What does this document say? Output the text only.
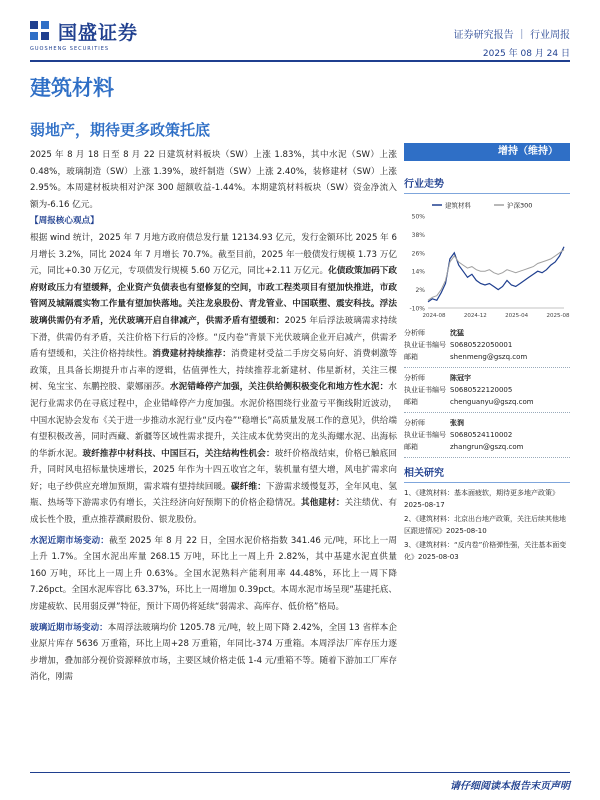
国盛证券
GUOSHENG SECURITIES
证券研究报告 ｜ 行业周报
2025 年 08 月 24 日
建筑材料
弱地产，期待更多政策托底

2025 年 8 月 18 日至 8 月 22 日建筑材料板块（SW）上涨 1.83%，其中水泥（SW）上涨 0.48%，玻璃制造（SW）上涨 1.39%，玻纤制造（SW）上涨 2.40%，装修建材（SW）上涨 2.95%。本周建材板块相对沪深 300 超额收益-1.44%。本期建筑材料板块（SW）资金净流入额为-6.16 亿元。

【周报核心观点】

根据 wind 统计，2025 年 7 月地方政府债总发行量 12134.93 亿元，发行金额环比 2025 年 6 月增长 3.2%，同比 2024 年 7 月增长 70.7%。截至目前，2025 年一般债发行规模 1.73 万亿元，同比+0.30 万亿元，专项债发行规模 5.60 万亿元，同比+2.11 万亿元。化债政策加码下政府财政压力有望缓释，企业资产负债表也有望修复的空间，市政工程类项目有望加快推进，市政管网及城隔震实物工作量有望加快落地。关注龙泉股份、青龙管业、中国联塑、震安科技。浮法玻璃供需仍有矛盾，光伏玻璃开启自律减产，供需矛盾有望缓和：2025 年后浮法玻璃需求持续下滑，供需仍有矛盾，关注价格下行后的冷修。“反内卷”背景下光伏玻璃企业开启减产，供需矛盾有望缓和，关注价格持续性。消费建材持续推荐：消费建材受益二手房交易向好、消费刺激等政策，且具备长期提升市占率的逻辑，估值弹性大，持续推荐北新建材、伟星新材，关注三棵树、兔宝宝、东鹏控股、蒙娜丽莎。水泥错峰停产加强，关注供给侧积极变化和地方性水泥：水泥行业需求仍在寻底过程中，企业错峰停产力度加强。水泥价格围绕行业盈亏平衡线附近波动，中国水泥协会发布《关于进一步推动水泥行业“反内卷”“稳增长”高质量发展工作的意见》，供给端有望积极改善，同时西藏、新疆等区域性需求提升，关注成本优势突出的龙头海螺水泥、出海标的华新水泥。玻纤推荐中材科技、中国巨石，关注结构性机会：玻纤价格战结束，价格已触底回升，同时风电招标量快速增长，2025 年作为十四五收官之年，装机量有望大增，风电扩需求向好；电子纱供应充增加预期，需求端有望持续回暖。碳纤维：下游需求缓慢复苏，全年风电、氢瓶、热场等下游需求仍有增长，关注经济向好预期下的价格企稳情况。其他建材：关注绩优、有成长性个股，重点推荐濮耐股份、银龙股份。

水泥近期市场变动：截至 2025 年 8 月 22 日，全国水泥价格指数 341.46 元/吨，环比上一周上升 1.7%。全国水泥出库量 268.15 万吨，环比上一周上升 2.82%，其中基建水泥直供量 160 万吨，环比上一周上升 0.63%。全国水泥熟料产能利用率 44.48%，环比上一周下降 7.26pct。全国水泥库容比 63.37%，环比上一周增加 0.39pct。本周水泥市场呈现“基建托底、房建疲软、民用弱反弹”特征，预计下周仍将延续“弱需求、高库存、低价格”格局。

玻璃近期市场变动：本周浮法玻璃均价 1205.78 元/吨，较上周下降 2.42%，全国 13 省样本企业原片库存 5636 万重箱，环比上周+28 万重箱，年同比-374 万重箱。本周浮法厂库存压力逐步增加，叠加部分视价资源释放市场，主要区域价格走低 1-4 元/重箱不等。随着下游加工厂库存消化，刚需

增持（维持）
行业走势
-10%
2%
14%
26%
38%
50%
2024-08	2024-12	2025-04	2025-08
建筑材料	沪深300
分析师	沈猛
执业证书编号 S0680522050001
邮箱	shenmeng@gszq.com
分析师	陈冠宇
执业证书编号 S0680522120005
邮箱	chenguanyu@gszq.com
分析师	张润
执业证书编号 S0680524110002
邮箱	zhangrun@gszq.com
相关研究
1、《建筑材料：基本面疲软，期待更多地产政策》2025-08-17
2、《建筑材料：北京出台地产政策，关注后续其他地区跟进情况》2025-08-10
3、《建筑材料：“反内卷”价格弹性强，关注基本面变化》2025-08-03
请仔细阅读本报告末页声明
